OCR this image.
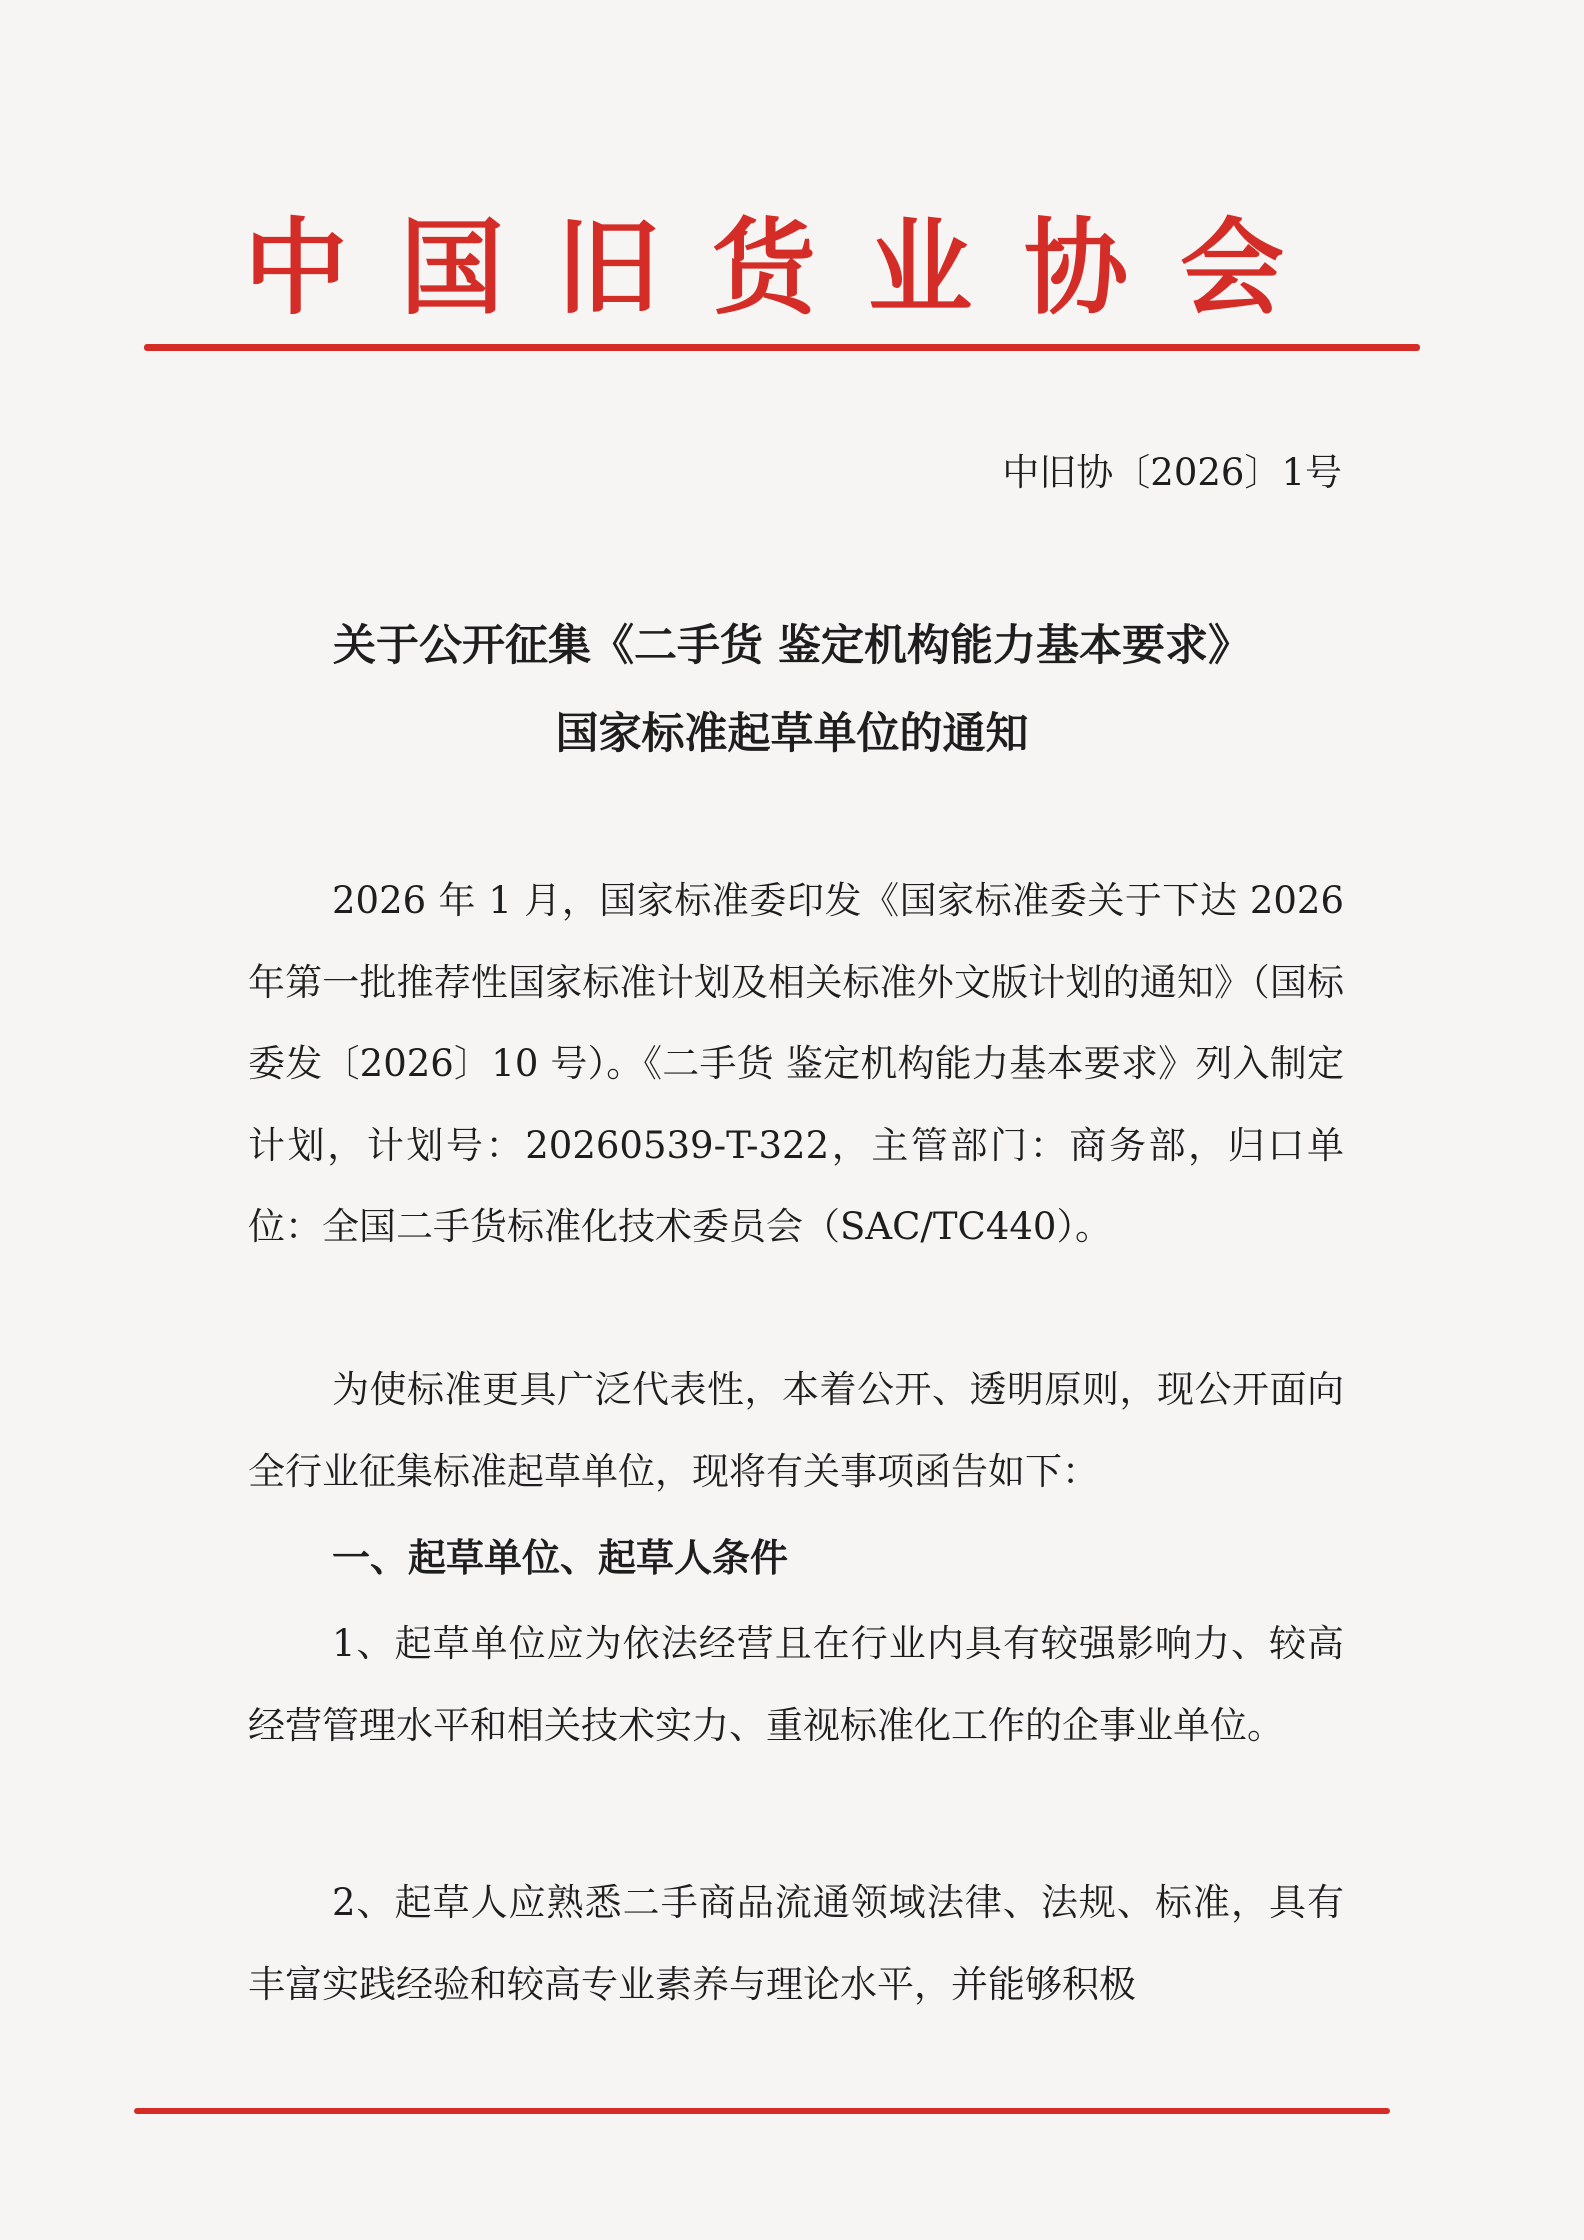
中国旧货业协会
中旧协〔2026〕1号
关于公开征集《二手货 鉴定机构能力基本要求》
国家标准起草单位的通知

2026 年 1 月，国家标准委印发《国家标准委关于下达 2026 年第一批推荐性国家标准计划及相关标准外文版计划的通知》（国标委发〔2026〕10 号）。《二手货 鉴定机构能力基本要求》列入制定计划，计划号：20260539-T-322，主管部门：商务部，归口单位：全国二手货标准化技术委员会（SAC/TC440）。

为使标准更具广泛代表性，本着公开、透明原则，现公开面向全行业征集标准起草单位，现将有关事项函告如下：

一、起草单位、起草人条件

1、起草单位应为依法经营且在行业内具有较强影响力、较高经营管理水平和相关技术实力、重视标准化工作的企事业单位。

2、起草人应熟悉二手商品流通领域法律、法规、标准，具有丰富实践经验和较高专业素养与理论水平，并能够积极
